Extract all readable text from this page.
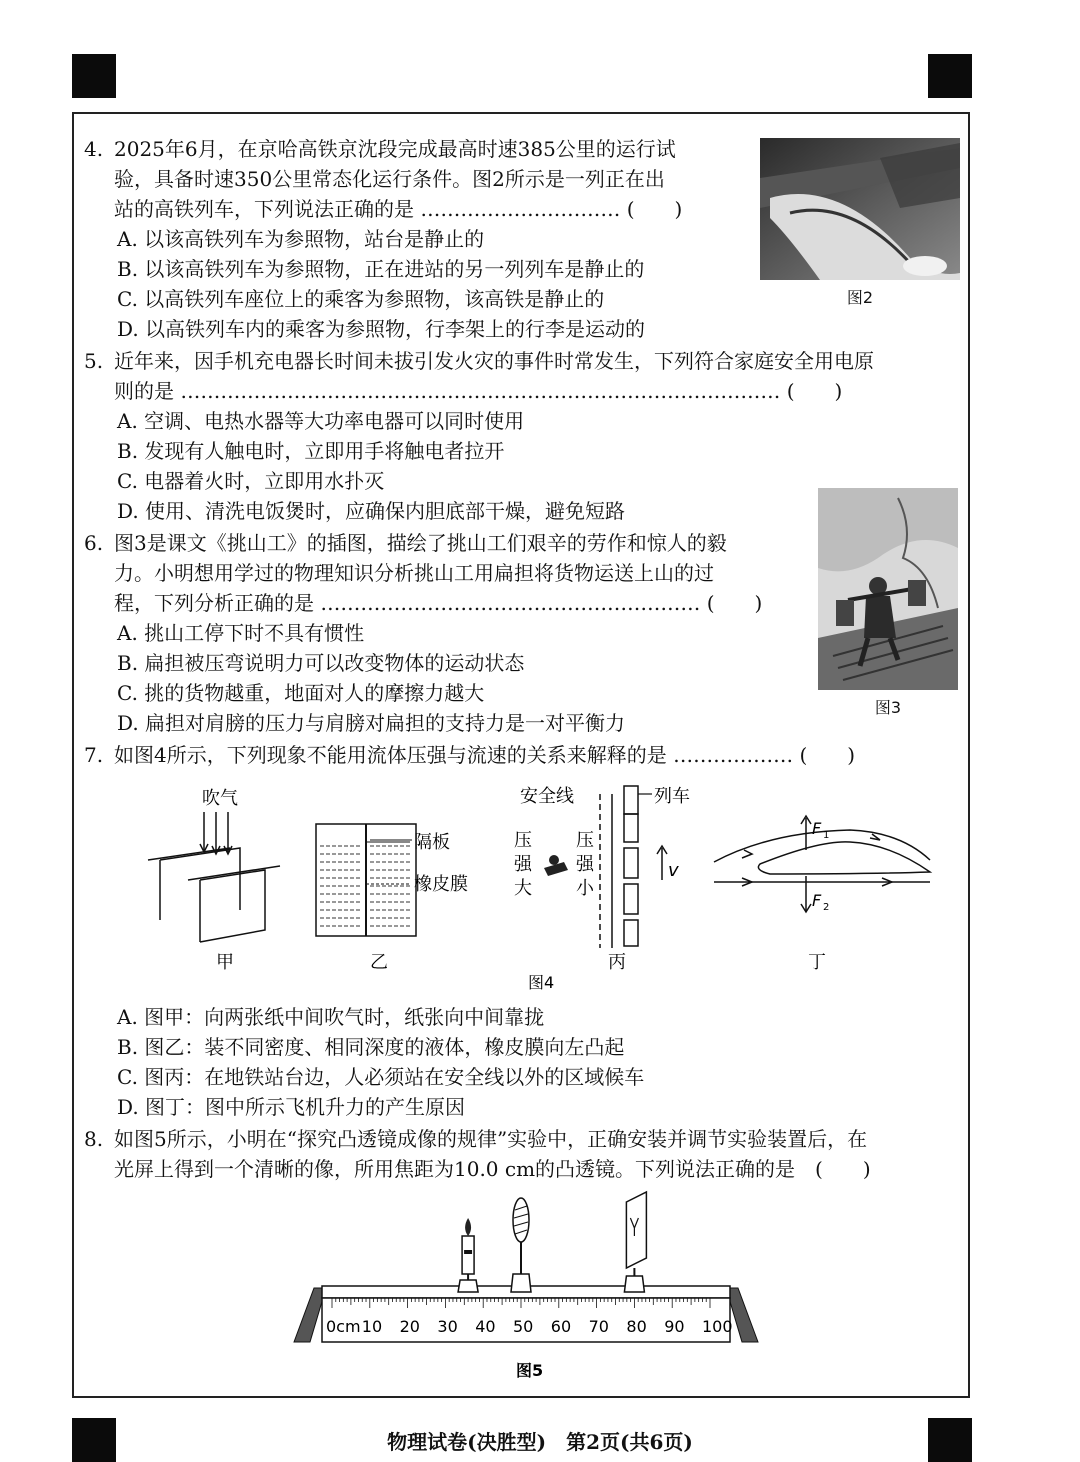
4. 2025年6月，在京哈高铁京沈段完成最高时速385公里的运行试
验，具备时速350公里常态化运行条件。图2所示是一列正在出
站的高铁列车，下列说法正确的是 ………………………… (　　)
A. 以该高铁列车为参照物，站台是静止的
B. 以该高铁列车为参照物，正在进站的另一列列车是静止的
C. 以高铁列车座位上的乘客为参照物，该高铁是静止的
D. 以高铁列车内的乘客为参照物，行李架上的行李是运动的
图2
5. 近年来，因手机充电器长时间未拔引发火灾的事件时常发生，下列符合家庭安全用电原
则的是 ……………………………………………………………………………… (　　)
A. 空调、电热水器等大功率电器可以同时使用
B. 发现有人触电时，立即用手将触电者拉开
C. 电器着火时，立即用水扑灭
D. 使用、清洗电饭煲时，应确保内胆底部干燥，避免短路
6. 图3是课文《挑山工》的插图，描绘了挑山工们艰辛的劳作和惊人的毅
力。小明想用学过的物理知识分析挑山工用扁担将货物运送上山的过
程，下列分析正确的是 ………………………………………………… (　　)
A. 挑山工停下时不具有惯性
B. 扁担被压弯说明力可以改变物体的运动状态
C. 挑的货物越重，地面对人的摩擦力越大
D. 扁担对肩膀的压力与肩膀对扁担的支持力是一对平衡力
图3
7. 如图4所示，下列现象不能用流体压强与流速的关系来解释的是 ……………… (　　)
吹气
隔板
橡皮膜
安全线	列车
压
强
大
压
强
小
v
F 1
F 2
甲	乙	丙	丁
图4
A. 图甲：向两张纸中间吹气时，纸张向中间靠拢
B. 图乙：装不同密度、相同深度的液体，橡皮膜向左凸起
C. 图丙：在地铁站台边，人必须站在安全线以外的区域候车
D. 图丁：图中所示飞机升力的产生原因
8. 如图5所示，小明在“探究凸透镜成像的规律”实验中，正确安装并调节实验装置后，在
光屏上得到一个清晰的像，所用焦距为10.0 cm的凸透镜。下列说法正确的是　(　　)
0cm 10 20 30 40 50 60 70 80 90 100
图5
物理试卷(决胜型)　第2页(共6页)
